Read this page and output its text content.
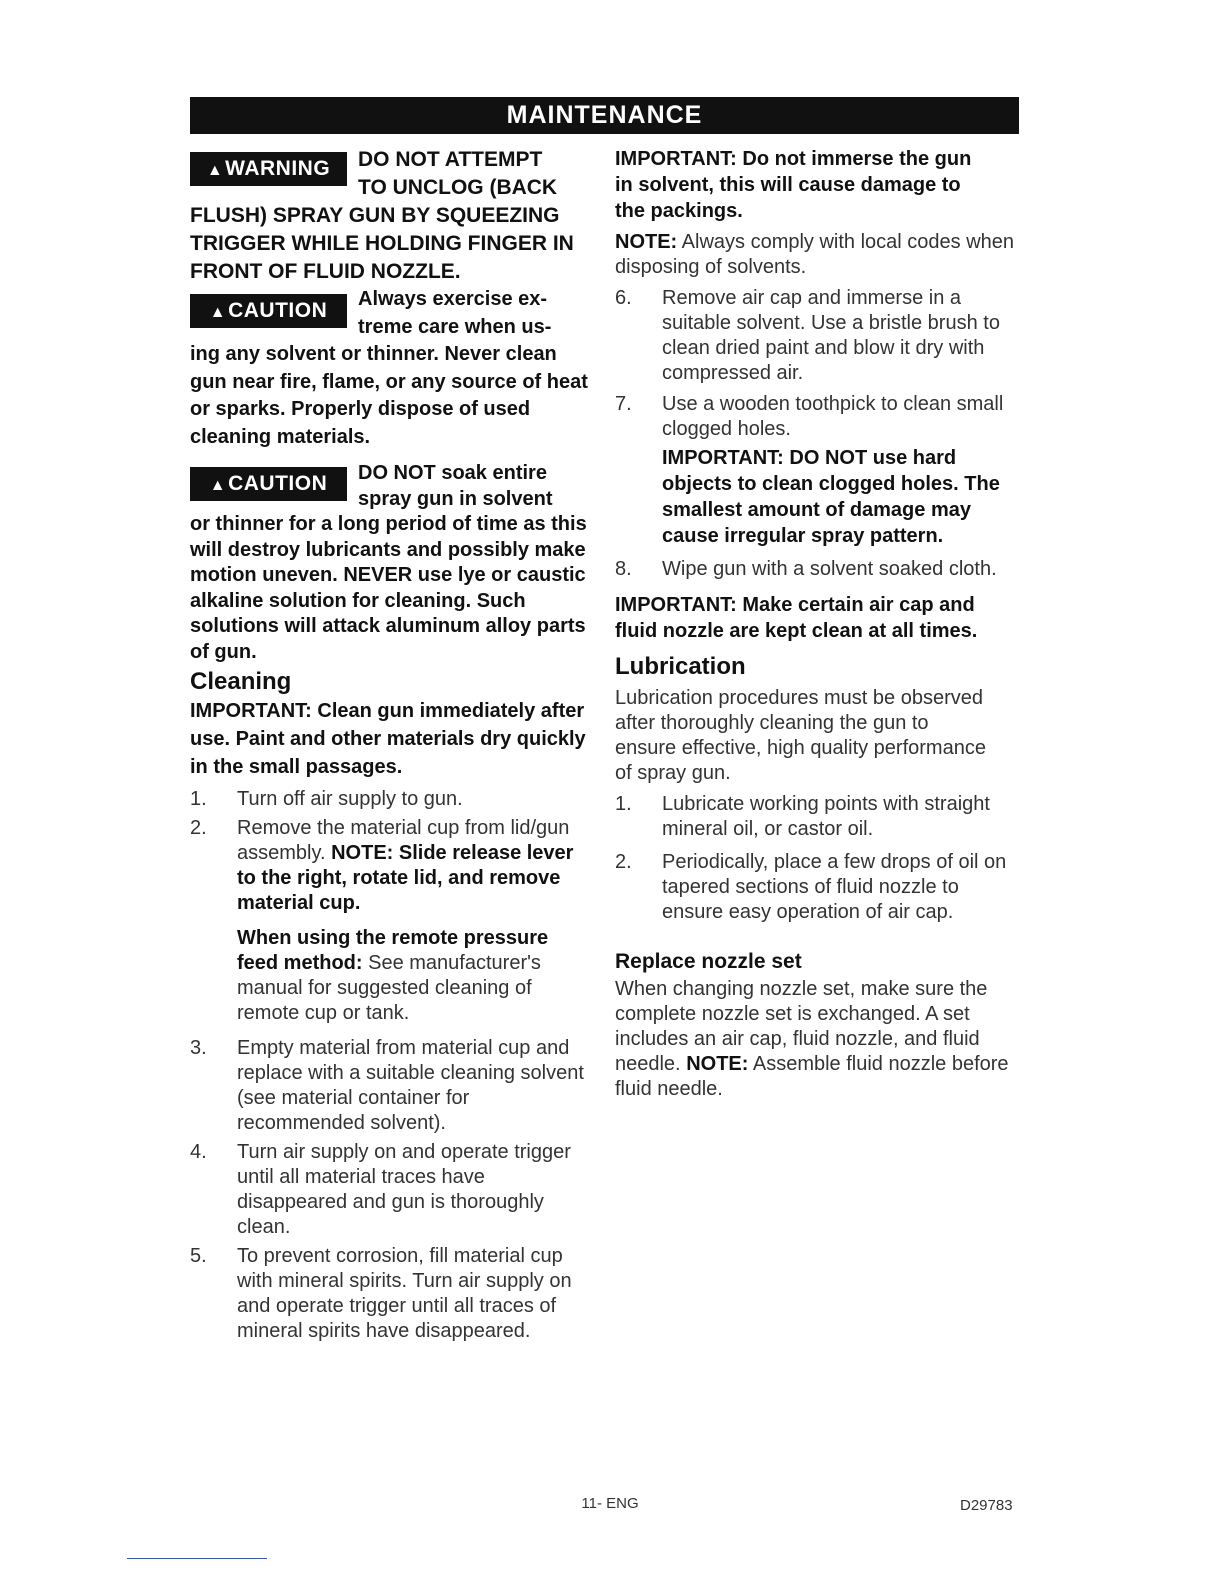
MAINTENANCE
▲WARNING	DO NOT ATTEMPT TO UNCLOG (BACK
FLUSH) SPRAY GUN BY SQUEEZING TRIGGER WHILE HOLDING FINGER IN FRONT OF FLUID NOZZLE.
▲CAUTION	Always exercise extreme care when us-
ing any solvent or thinner. Never clean gun near fire, flame, or any source of heat or sparks. Properly dispose of used cleaning materials.
▲CAUTION	DO NOT soak entire spray gun in solvent
or thinner for a long period of time as this will destroy lubricants and possibly make motion uneven. NEVER use lye or caustic alkaline solution for cleaning. Such solutions will attack aluminum alloy parts of gun.
Cleaning
IMPORTANT: Clean gun immediately after use. Paint and other materials dry quickly in the small passages.
1. Turn off air supply to gun.
2. Remove the material cup from lid/gun assembly. NOTE: Slide release lever to the right, rotate lid, and remove material cup.
When using the remote pressure feed method: See manufacturer's manual for suggested cleaning of remote cup or tank.
3. Empty material from material cup and replace with a suitable cleaning solvent (see material container for recommended solvent).
4. Turn air supply on and operate trigger until all material traces have disappeared and gun is thoroughly clean.
5. To prevent corrosion, fill material cup with mineral spirits. Turn air supply on and operate trigger until all traces of mineral spirits have disappeared.
IMPORTANT: Do not immerse the gun in solvent, this will cause damage to the packings.
NOTE: Always comply with local codes when disposing of solvents.
6. Remove air cap and immerse in a suitable solvent. Use a bristle brush to clean dried paint and blow it dry with compressed air.
7. Use a wooden toothpick to clean small clogged holes.
IMPORTANT: DO NOT use hard objects to clean clogged holes. The smallest amount of damage may cause irregular spray pattern.
8. Wipe gun with a solvent soaked cloth.
IMPORTANT: Make certain air cap and fluid nozzle are kept clean at all times.
Lubrication
Lubrication procedures must be observed after thoroughly cleaning the gun to ensure effective, high quality performance of spray gun.
1. Lubricate working points with straight mineral oil, or castor oil.
2. Periodically, place a few drops of oil on tapered sections of fluid nozzle to ensure easy operation of air cap.
Replace nozzle set
When changing nozzle set, make sure the complete nozzle set is exchanged. A set includes an air cap, fluid nozzle, and fluid needle. NOTE: Assemble fluid nozzle before fluid needle.
11- ENG	D29783
